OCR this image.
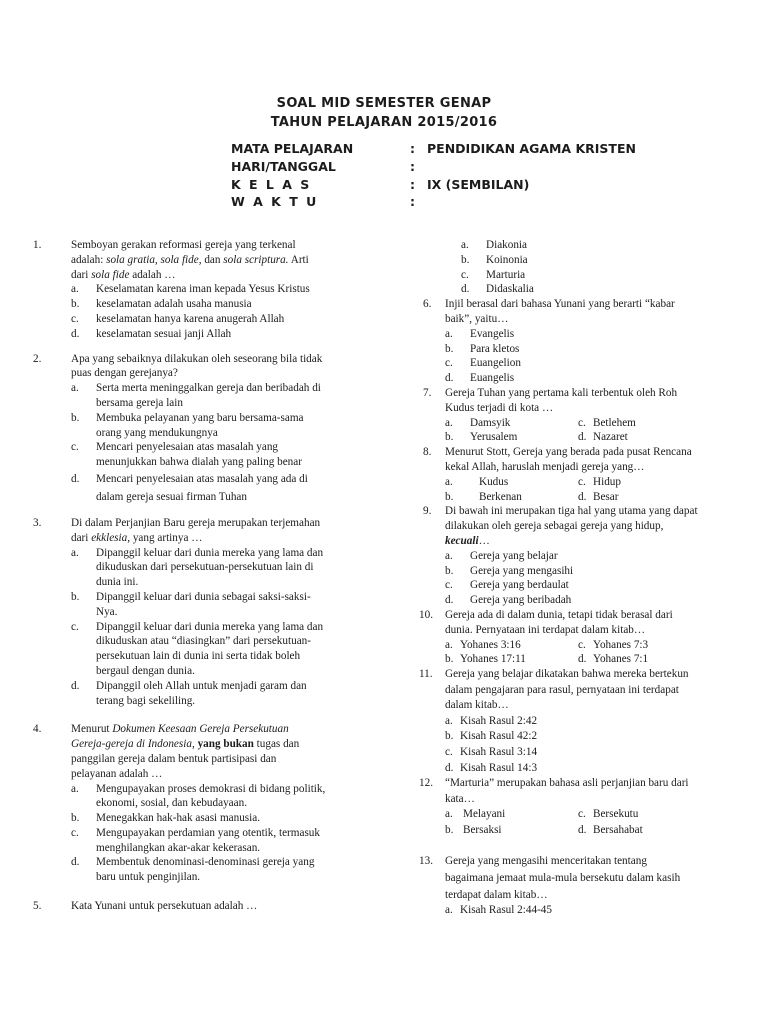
SOAL MID SEMESTER GENAP
TAHUN PELAJARAN 2015/2016
MATA PELAJARAN	: PENDIDIKAN AGAMA KRISTEN
HARI/TANGGAL	:
K E L A S	: IX (SEMBILAN)
W A K T U	:
1.	Semboyan gerakan reformasi gereja yang terkenal
adalah: sola gratia, sola fide, dan sola scriptura. Arti
dari sola fide adalah …
a. Keselamatan karena iman kepada Yesus Kristus
b. keselamatan adalah usaha manusia
c. keselamatan hanya karena anugerah Allah
d. keselamatan sesuai janji Allah
2.	Apa yang sebaiknya dilakukan oleh seseorang bila tidak
puas dengan gerejanya?
a. Serta merta meninggalkan gereja dan beribadah di
bersama gereja lain
b. Membuka pelayanan yang baru bersama-sama
orang yang mendukungnya
c. Mencari penyelesaian atas masalah yang
menunjukkan bahwa dialah yang paling benar
d. Mencari penyelesaian atas masalah yang ada di
dalam gereja sesuai firman Tuhan
3.	Di dalam Perjanjian Baru gereja merupakan terjemahan
dari ekklesia, yang artinya …
a. Dipanggil keluar dari dunia mereka yang lama dan
dikuduskan dari persekutuan-persekutuan lain di
dunia ini.
b. Dipanggil keluar dari dunia sebagai saksi-saksi-
Nya.
c. Dipanggil keluar dari dunia mereka yang lama dan
dikuduskan atau “diasingkan” dari persekutuan-
persekutuan lain di dunia ini serta tidak boleh
bergaul dengan dunia.
d. Dipanggil oleh Allah untuk menjadi garam dan
terang bagi sekeliling.
4.	Menurut Dokumen Keesaan Gereja Persekutuan
Gereja-gereja di Indonesia, yang bukan tugas dan
panggilan gereja dalam bentuk partisipasi dan
pelayanan adalah …
a. Mengupayakan proses demokrasi di bidang politik,
ekonomi, sosial, dan kebudayaan.
b. Menegakkan hak-hak asasi manusia.
c. Mengupayakan perdamian yang otentik, termasuk
menghilangkan akar-akar kekerasan.
d. Membentuk denominasi-denominasi gereja yang
baru untuk penginjilan.
5.	Kata Yunani untuk persekutuan adalah …
a. Diakonia
b. Koinonia
c. Marturia
d. Didaskalia
6.	Injil berasal dari bahasa Yunani yang berarti “kabar
baik”, yaitu…
a. Evangelis
b. Para kletos
c. Euangelion
d. Euangelis
7.	Gereja Tuhan yang pertama kali terbentuk oleh Roh
Kudus terjadi di kota …
a. Damsyik	c. Betlehem
b. Yerusalem	d. Nazaret
8.	Menurut Stott, Gereja yang berada pada pusat Rencana
kekal Allah, haruslah menjadi gereja yang…
a. Kudus	c. Hidup
b. Berkenan	d. Besar
9.	Di bawah ini merupakan tiga hal yang utama yang dapat
dilakukan oleh gereja sebagai gereja yang hidup,
kecuali…
a. Gereja yang belajar
b. Gereja yang mengasihi
c. Gereja yang berdaulat
d. Gereja yang beribadah
10.	Gereja ada di dalam dunia, tetapi tidak berasal dari
dunia. Pernyataan ini terdapat dalam kitab…
a. Yohanes 3:16	c. Yohanes 7:3
b. Yohanes 17:11	d. Yohanes 7:1
11.	Gereja yang belajar dikatakan bahwa mereka bertekun
dalam pengajaran para rasul, pernyataan ini terdapat
dalam kitab…
a. Kisah Rasul 2:42
b. Kisah Rasul 42:2
c. Kisah Rasul 3:14
d. Kisah Rasul 14:3
12.	“Marturia” merupakan bahasa asli perjanjian baru dari
kata…
a. Melayani	c. Bersekutu
b. Bersaksi	d. Bersahabat
13.	Gereja yang mengasihi menceritakan tentang
bagaimana jemaat mula-mula bersekutu dalam kasih
terdapat dalam kitab…
a. Kisah Rasul 2:44-45
